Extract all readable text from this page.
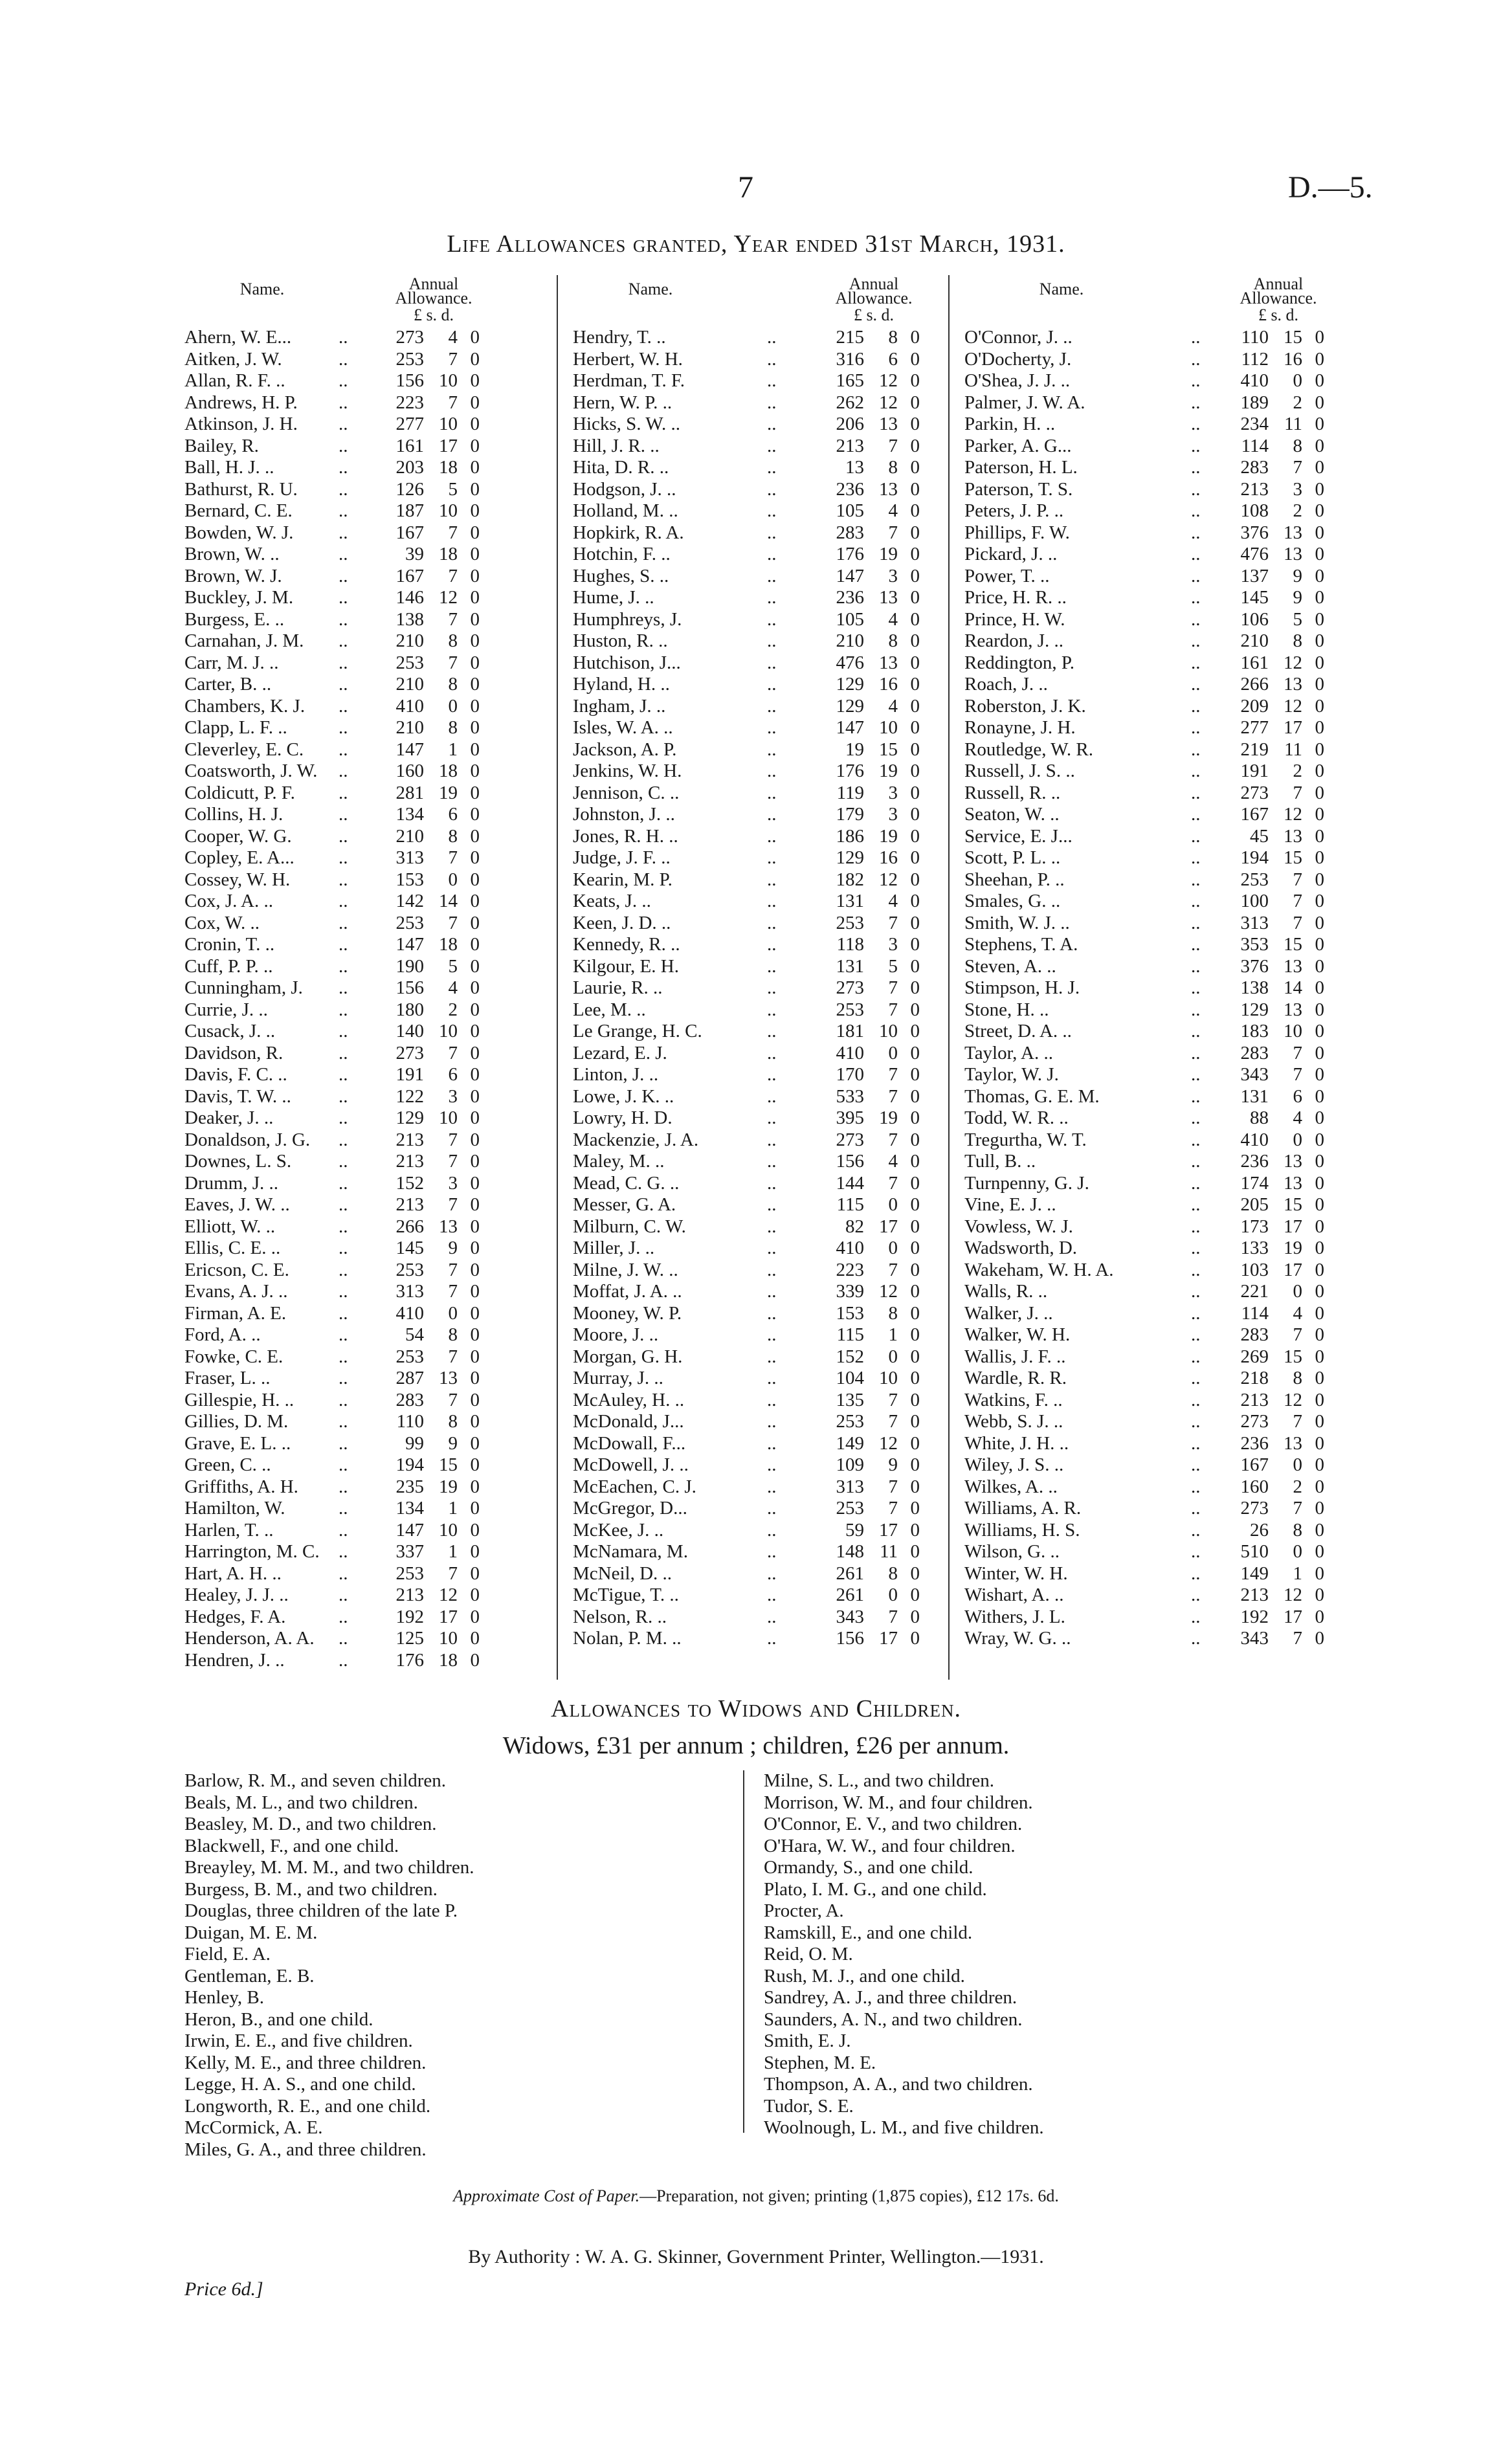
7	D.—5.
Life Allowances granted, Year ended 31st March, 1931.
Name.	Annual
Allowance.
£ s. d.
Name.	Annual
Allowance.
£ s. d.
Name.	Annual
Allowance.
£ s. d.
Ahern, W. E...	..	273	4 0
Aitken, J. W.	..	253	7 0
Allan, R. F. ..	..	156 10 0
Andrews, H. P. ..	223	7 0
Atkinson, J. H. ..	277 10 0
Bailey, R.	..	161 17 0
Ball, H. J. ..	..	203 18 0
Bathurst, R. U. ..	126	5 0
Bernard, C. E. ..	187 10 0
Bowden, W. J. ..	167	7 0
Brown, W. ..	..	39 18 0
Brown, W. J.	..	167	7 0
Buckley, J. M. ..	146 12 0
Burgess, E. ..	..	138	7 0
Carnahan, J. M. ..	210	8 0
Carr, M. J. ..	..	253	7 0
Carter, B. ..	..	210	8 0
Chambers, K. J. ..	410	0 0
Clapp, L. F. ..	..	210	8 0
Cleverley, E. C. ..	147	1 0
Coatsworth, J. W. ..	160 18 0
Coldicutt, P. F. ..	281 19 0
Collins, H. J.	..	134	6 0
Cooper, W. G. ..	210	8 0
Copley, E. A... ..	313	7 0
Cossey, W. H.	..	153	0 0
Cox, J. A. ..	..	142 14 0
Cox, W. ..	..	253	7 0
Cronin, T. ..	..	147 18 0
Cuff, P. P. ..	..	190	5 0
Cunningham, J. ..	156	4 0
Currie, J. ..	..	180	2 0
Cusack, J. ..	..	140 10 0
Davidson, R.	..	273	7 0
Davis, F. C. ..	..	191	6 0
Davis, T. W. ..	..	122	3 0
Deaker, J. ..	..	129 10 0
Donaldson, J. G. ..	213	7 0
Downes, L. S.	..	213	7 0
Drumm, J. ..	..	152	3 0
Eaves, J. W. ..	..	213	7 0
Elliott, W. ..	..	266 13 0
Ellis, C. E. ..	..	145	9 0
Ericson, C. E.	..	253	7 0
Evans, A. J. ..	..	313	7 0
Firman, A. E.	..	410	0 0
Ford, A. ..	..	54	8 0
Fowke, C. E.	..	253	7 0
Fraser, L. ..	..	287 13 0
Gillespie, H. .. ..	283	7 0
Gillies, D. M.	..	110	8 0
Grave, E. L. ..	..	99	9 0
Green, C. ..	..	194 15 0
Griffiths, A. H. ..	235 19 0
Hamilton, W.	..	134	1 0
Harlen, T. ..	..	147 10 0
Harrington, M. C. ..	337	1 0
Hart, A. H. ..	..	253	7 0
Healey, J. J. ..	..	213 12 0
Hedges, F. A.	..	192 17 0
Henderson, A. A. ..	125 10 0
Hendren, J. ..	..	176 18 0
Hendry, T. ..	..	215	8 0
Herbert, W. H.	..	316	6 0
Herdman, T. F.	..	165 12 0
Hern, W. P. ..	..	262 12 0
Hicks, S. W. ..	..	206 13 0
Hill, J. R. ..	..	213	7 0
Hita, D. R. ..	..	13	8 0
Hodgson, J. ..	..	236 13 0
Holland, M. ..	..	105	4 0
Hopkirk, R. A.	..	283	7 0
Hotchin, F. ..	..	176 19 0
Hughes, S. ..	..	147	3 0
Hume, J. ..	..	236 13 0
Humphreys, J.	..	105	4 0
Huston, R. ..	..	210	8 0
Hutchison, J...	..	476 13 0
Hyland, H. ..	..	129 16 0
Ingham, J. ..	..	129	4 0
Isles, W. A. ..	..	147 10 0
Jackson, A. P.	..	19 15 0
Jenkins, W. H.	..	176 19 0
Jennison, C. ..	..	119	3 0
Johnston, J. ..	..	179	3 0
Jones, R. H. ..	..	186 19 0
Judge, J. F. ..	..	129 16 0
Kearin, M. P.	..	182 12 0
Keats, J. ..	..	131	4 0
Keen, J. D. ..	..	253	7 0
Kennedy, R. ..	..	118	3 0
Kilgour, E. H.	..	131	5 0
Laurie, R. ..	..	273	7 0
Lee, M. ..	..	253	7 0
Le Grange, H. C.	..	181 10 0
Lezard, E. J.	..	410	0 0
Linton, J. ..	..	170	7 0
Lowe, J. K. ..	..	533	7 0
Lowry, H. D.	..	395 19 0
Mackenzie, J. A.	..	273	7 0
Maley, M. ..	..	156	4 0
Mead, C. G. ..	..	144	7 0
Messer, G. A.	..	115	0 0
Milburn, C. W.	..	82 17 0
Miller, J. ..	..	410	0 0
Milne, J. W. ..	..	223	7 0
Moffat, J. A. ..	..	339 12 0
Mooney, W. P.	..	153	8 0
Moore, J. ..	..	115	1 0
Morgan, G. H.	..	152	0 0
Murray, J. ..	..	104 10 0
McAuley, H. ..	..	135	7 0
McDonald, J...	..	253	7 0
McDowall, F...	..	149 12 0
McDowell, J. ..	..	109	9 0
McEachen, C. J.	..	313	7 0
McGregor, D...	..	253	7 0
McKee, J. ..	..	59 17 0
McNamara, M.	..	148 11 0
McNeil, D. ..	..	261	8 0
McTigue, T. ..	..	261	0 0
Nelson, R. ..	..	343	7 0
Nolan, P. M. ..	..	156 17 0
O'Connor, J. ..	..	110 15 0
O'Docherty, J.	..	112 16 0
O'Shea, J. J. ..	..	410	0 0
Palmer, J. W. A.	..	189	2 0
Parkin, H. ..	..	234 11 0
Parker, A. G...	..	114	8 0
Paterson, H. L.	..	283	7 0
Paterson, T. S.	..	213	3 0
Peters, J. P. ..	..	108	2 0
Phillips, F. W.	..	376 13 0
Pickard, J. ..	..	476 13 0
Power, T. ..	..	137	9 0
Price, H. R. ..	..	145	9 0
Prince, H. W.	..	106	5 0
Reardon, J. ..	..	210	8 0
Reddington, P.	..	161 12 0
Roach, J. ..	..	266 13 0
Roberston, J. K.	..	209 12 0
Ronayne, J. H.	..	277 17 0
Routledge, W. R.	..	219 11 0
Russell, J. S. ..	..	191	2 0
Russell, R. ..	..	273	7 0
Seaton, W. ..	..	167 12 0
Service, E. J...	..	45 13 0
Scott, P. L. ..	..	194 15 0
Sheehan, P. ..	..	253	7 0
Smales, G. ..	..	100	7 0
Smith, W. J. ..	..	313	7 0
Stephens, T. A.	..	353 15 0
Steven, A. ..	..	376 13 0
Stimpson, H. J.	..	138 14 0
Stone, H. ..	..	129 13 0
Street, D. A. ..	..	183 10 0
Taylor, A. ..	..	283	7 0
Taylor, W. J.	..	343	7 0
Thomas, G. E. M.	..	131	6 0
Todd, W. R. ..	..	88	4 0
Tregurtha, W. T.	..	410	0 0
Tull, B. ..	..	236 13 0
Turnpenny, G. J.	..	174 13 0
Vine, E. J. ..	..	205 15 0
Vowless, W. J.	..	173 17 0
Wadsworth, D.	..	133 19 0
Wakeham, W. H. A.	..	103 17 0
Walls, R. ..	..	221	0 0
Walker, J. ..	..	114	4 0
Walker, W. H.	..	283	7 0
Wallis, J. F. ..	..	269 15 0
Wardle, R. R.	..	218	8 0
Watkins, F. ..	..	213 12 0
Webb, S. J. ..	..	273	7 0
White, J. H. ..	..	236 13 0
Wiley, J. S. ..	..	167	0 0
Wilkes, A. ..	..	160	2 0
Williams, A. R.	..	273	7 0
Williams, H. S.	..	26	8 0
Wilson, G. ..	..	510	0 0
Winter, W. H.	..	149	1 0
Wishart, A. ..	..	213 12 0
Withers, J. L.	..	192 17 0
Wray, W. G. ..	..	343	7 0
Allowances to Widows and Children.
Widows, £31 per annum ; children, £26 per annum.
Barlow, R. M., and seven children.
Beals, M. L., and two children.
Beasley, M. D., and two children.
Blackwell, F., and one child.
Breayley, M. M. M., and two children.
Burgess, B. M., and two children.
Douglas, three children of the late P.
Duigan, M. E. M.
Field, E. A.
Gentleman, E. B.
Henley, B.
Heron, B., and one child.
Irwin, E. E., and five children.
Kelly, M. E., and three children.
Legge, H. A. S., and one child.
Longworth, R. E., and one child.
McCormick, A. E.
Miles, G. A., and three children.
Milne, S. L., and two children.
Morrison, W. M., and four children.
O'Connor, E. V., and two children.
O'Hara, W. W., and four children.
Ormandy, S., and one child.
Plato, I. M. G., and one child.
Procter, A.
Ramskill, E., and one child.
Reid, O. M.
Rush, M. J., and one child.
Sandrey, A. J., and three children.
Saunders, A. N., and two children.
Smith, E. J.
Stephen, M. E.
Thompson, A. A., and two children.
Tudor, S. E.
Woolnough, L. M., and five children.
Approximate Cost of Paper.—Preparation, not given; printing (1,875 copies), £12 17s. 6d.
By Authority : W. A. G. Skinner, Government Printer, Wellington.—1931.
Price 6d.]
